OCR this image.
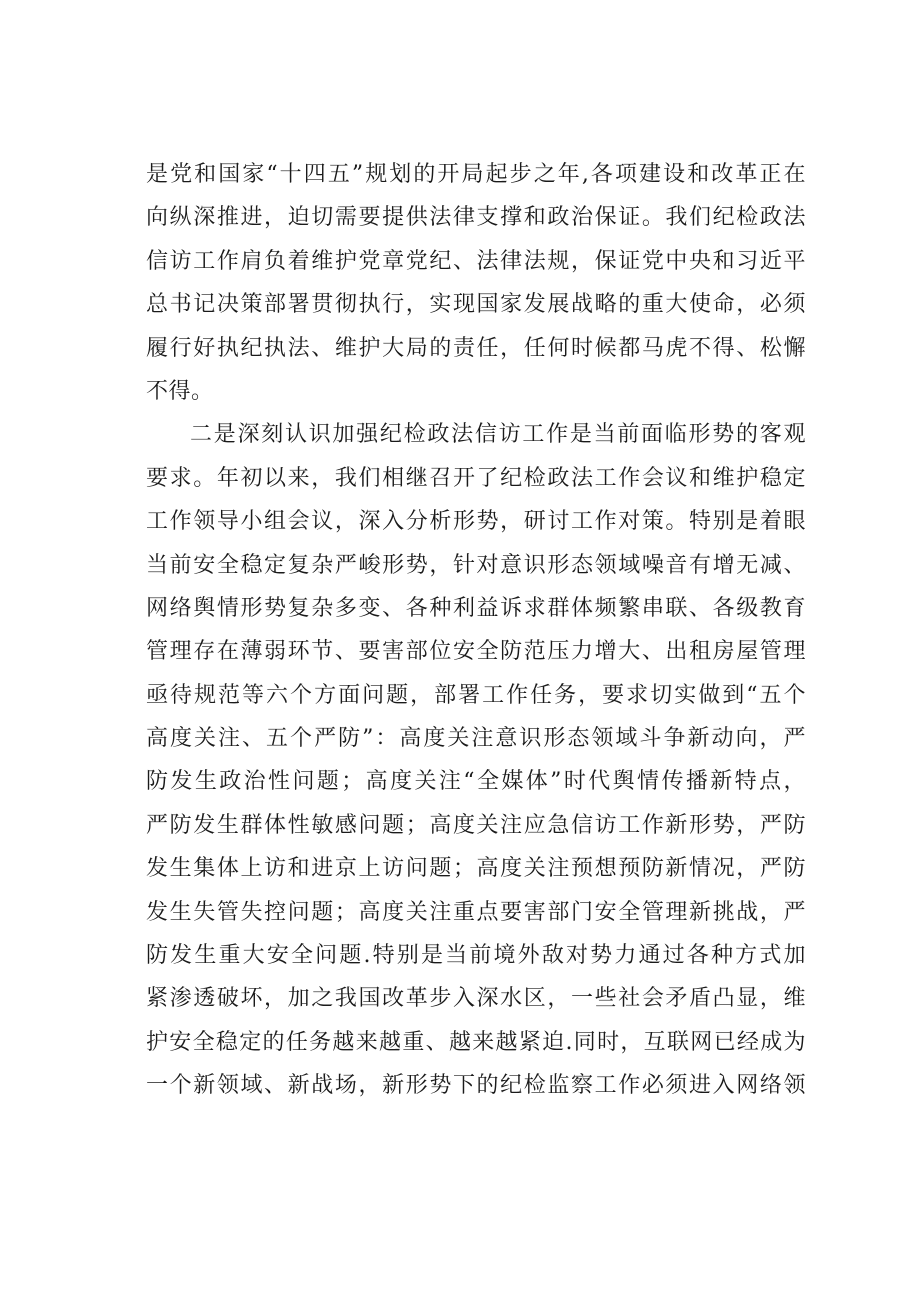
是党和国家“十四五”规划的开局起步之年,各项建设和改革正在
向纵深推进，迫切需要提供法律支撑和政治保证。我们纪检政法
信访工作肩负着维护党章党纪、法律法规，保证党中央和习近平
总书记决策部署贯彻执行，实现国家发展战略的重大使命，必须
履行好执纪执法、维护大局的责任，任何时候都马虎不得、松懈
不得。
二是深刻认识加强纪检政法信访工作是当前面临形势的客观
要求。年初以来，我们相继召开了纪检政法工作会议和维护稳定
工作领导小组会议，深入分析形势，研讨工作对策。特别是着眼
当前安全稳定复杂严峻形势，针对意识形态领域噪音有增无减、
网络舆情形势复杂多变、各种利益诉求群体频繁串联、各级教育
管理存在薄弱环节、要害部位安全防范压力增大、出租房屋管理
亟待规范等六个方面问题，部署工作任务，要求切实做到“五个
高度关注、五个严防”：高度关注意识形态领域斗争新动向，严
防发生政治性问题；高度关注“全媒体”时代舆情传播新特点，
严防发生群体性敏感问题；高度关注应急信访工作新形势，严防
发生集体上访和进京上访问题；高度关注预想预防新情况，严防
发生失管失控问题；高度关注重点要害部门安全管理新挑战，严
防发生重大安全问题.特别是当前境外敌对势力通过各种方式加
紧渗透破坏，加之我国改革步入深水区，一些社会矛盾凸显，维
护安全稳定的任务越来越重、越来越紧迫.同时，互联网已经成为
一个新领域、新战场，新形势下的纪检监察工作必须进入网络领
